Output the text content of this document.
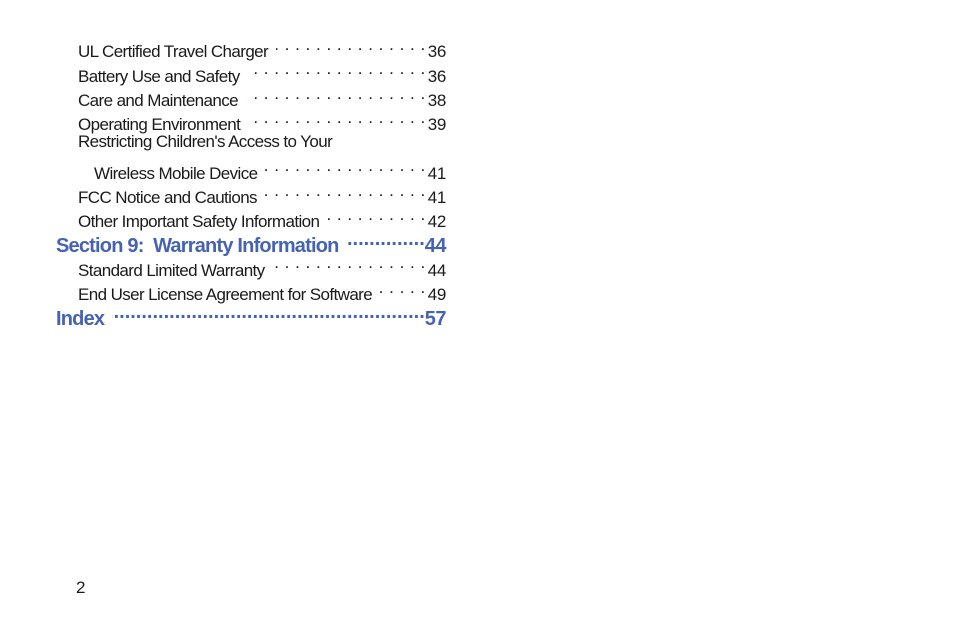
UL Certified Travel Charger . . .	36
Battery Use and Safety . . .	36
Care and Maintenance . . .	38
Operating Environment . . .	39
Restricting Children's Access to Your
Wireless Mobile Device . . .	41
FCC Notice and Cautions . . .	41
Other Important Safety Information . . .	42
Section 9:  Warranty Information .....	44
Standard Limited Warranty . . .	44
End User License Agreement for Software . . .	49
Index .....	57
2
